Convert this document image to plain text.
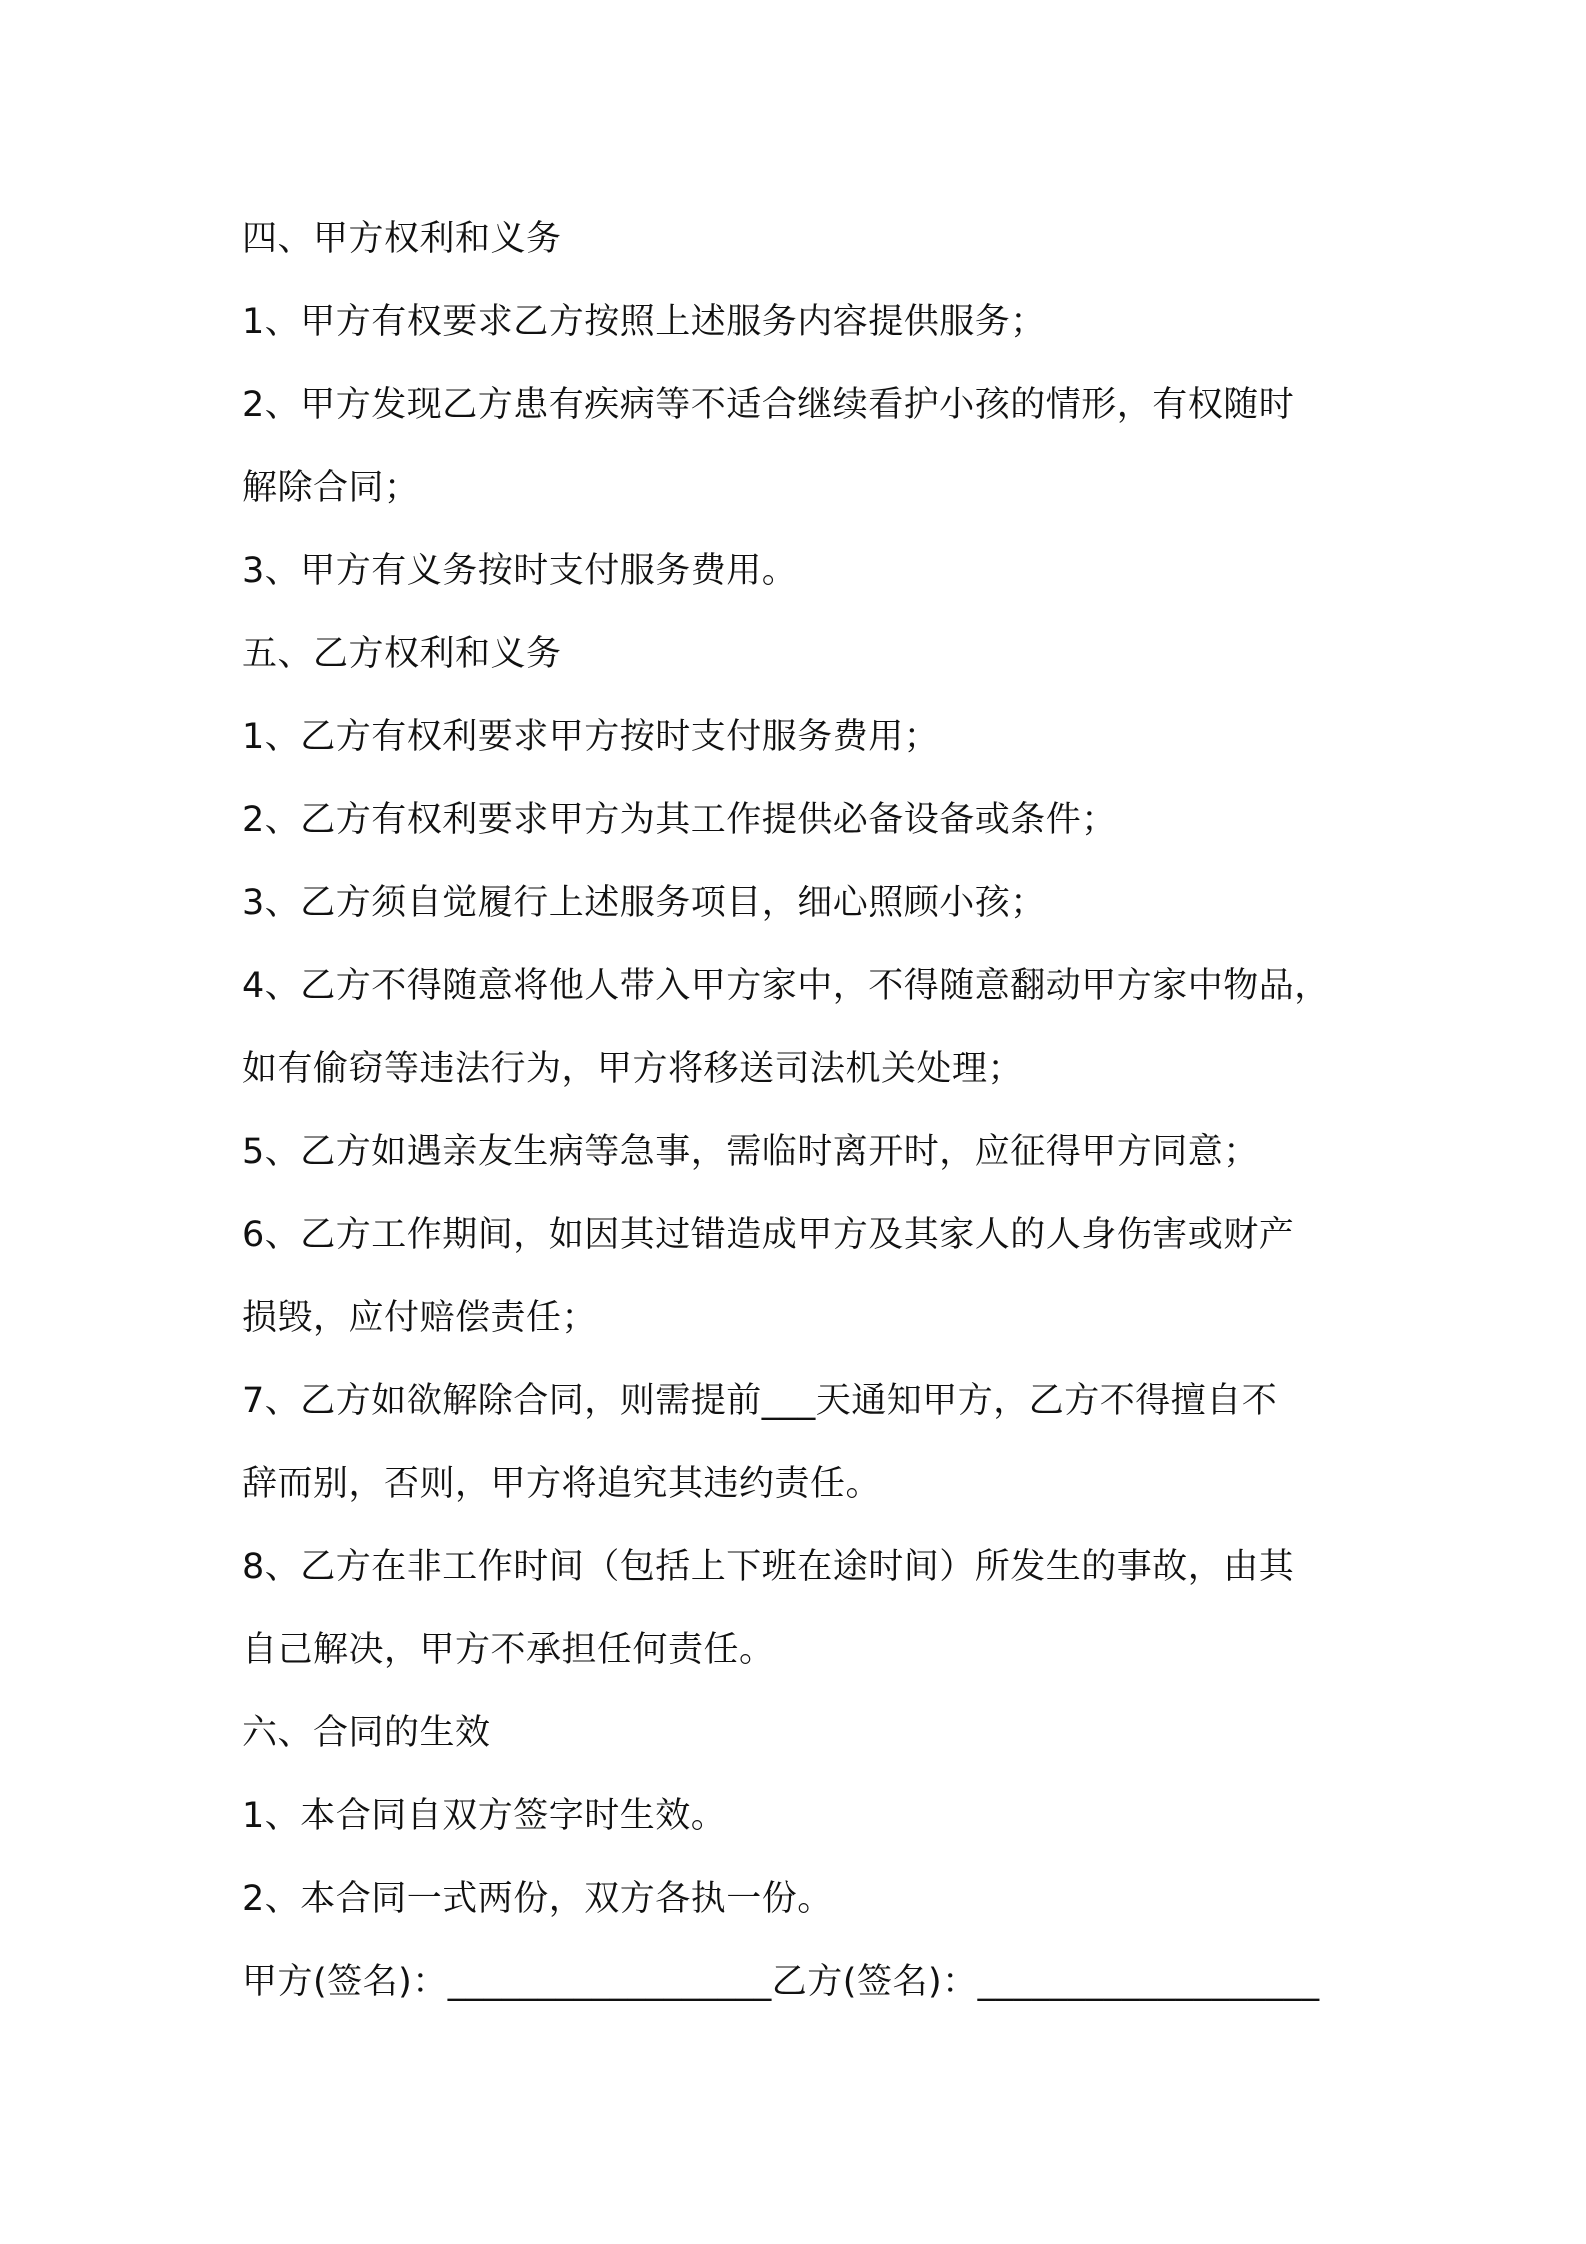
四、甲方权利和义务
1、甲方有权要求乙方按照上述服务内容提供服务；
2、甲方发现乙方患有疾病等不适合继续看护小孩的情形，有权随时
解除合同；
3、甲方有义务按时支付服务费用。
五、乙方权利和义务
1、乙方有权利要求甲方按时支付服务费用；
2、乙方有权利要求甲方为其工作提供必备设备或条件；
3、乙方须自觉履行上述服务项目，细心照顾小孩；
4、乙方不得随意将他人带入甲方家中，不得随意翻动甲方家中物品，
如有偷窃等违法行为，甲方将移送司法机关处理；
5、乙方如遇亲友生病等急事，需临时离开时，应征得甲方同意；
6、乙方工作期间，如因其过错造成甲方及其家人的人身伤害或财产
损毁，应付赔偿责任；
7、乙方如欲解除合同，则需提前___天通知甲方，乙方不得擅自不
辞而别，否则，甲方将追究其违约责任。
8、乙方在非工作时间（包括上下班在途时间）所发生的事故，由其
自己解决，甲方不承担任何责任。
六、合同的生效
1、本合同自双方签字时生效。
2、本合同一式两份，双方各执一份。
甲方(签名)：__________________乙方(签名)：___________________
